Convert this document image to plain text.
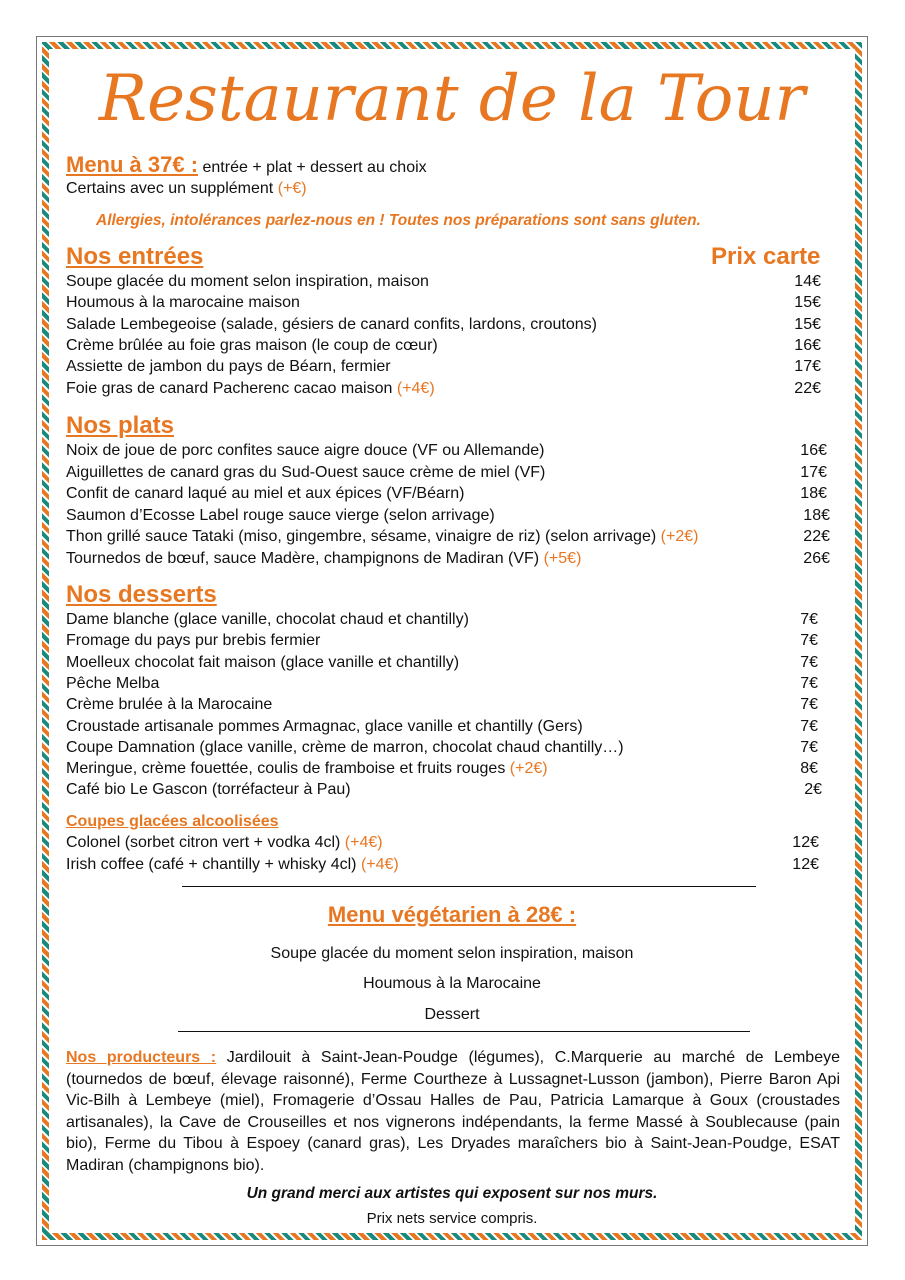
Restaurant de la Tour
Menu à 37€ : entrée + plat + dessert au choix
Certains avec un supplément (+€)
Allergies, intolérances parlez-nous en ! Toutes nos préparations sont sans gluten.
Nos entrées	Prix carte
Soupe glacée du moment selon inspiration, maison	14€
Houmous à la marocaine maison	15€
Salade Lembegeoise (salade, gésiers de canard confits, lardons, croutons)	15€
Crème brûlée au foie gras maison (le coup de cœur)	16€
Assiette de jambon du pays de Béarn, fermier	17€
Foie gras de canard Pacherenc cacao maison (+4€)	22€
Nos plats
Noix de joue de porc confites sauce aigre douce (VF ou Allemande)	16€
Aiguillettes de canard gras du Sud-Ouest sauce crème de miel (VF)	17€
Confit de canard laqué au miel et aux épices (VF/Béarn)	18€
Saumon d’Ecosse Label rouge sauce vierge (selon arrivage)	18€
Thon grillé sauce Tataki (miso, gingembre, sésame, vinaigre de riz) (selon arrivage) (+2€)	22€
Tournedos de bœuf, sauce Madère, champignons de Madiran (VF) (+5€)	26€
Nos desserts
Dame blanche (glace vanille, chocolat chaud et chantilly)	7€
Fromage du pays pur brebis fermier	7€
Moelleux chocolat fait maison (glace vanille et chantilly)	7€
Pêche Melba	7€
Crème brulée à la Marocaine	7€
Croustade artisanale pommes Armagnac, glace vanille et chantilly (Gers)	7€
Coupe Damnation (glace vanille, crème de marron, chocolat chaud chantilly…)	7€
Meringue, crème fouettée, coulis de framboise et fruits rouges (+2€)	8€
Café bio Le Gascon (torréfacteur à Pau)	2€
Coupes glacées alcoolisées
Colonel (sorbet citron vert + vodka 4cl) (+4€)	12€
Irish coffee (café + chantilly + whisky 4cl) (+4€)	12€
Menu végétarien à 28€ :
Soupe glacée du moment selon inspiration, maison
Houmous à la Marocaine
Dessert
Nos producteurs : Jardilouit à Saint-Jean-Poudge (légumes), C.Marquerie au marché de Lembeye (tournedos de bœuf, élevage raisonné), Ferme Courtheze à Lussagnet-Lusson (jambon), Pierre Baron Api Vic-Bilh à Lembeye (miel), Fromagerie d’Ossau Halles de Pau, Patricia Lamarque à Goux (croustades artisanales), la Cave de Crouseilles et nos vignerons indépendants, la ferme Massé à Soublecause (pain bio), Ferme du Tibou à Espoey (canard gras), Les Dryades maraîchers bio à Saint-Jean-Poudge, ESAT Madiran (champignons bio).
Un grand merci aux artistes qui exposent sur nos murs.
Prix nets service compris.
